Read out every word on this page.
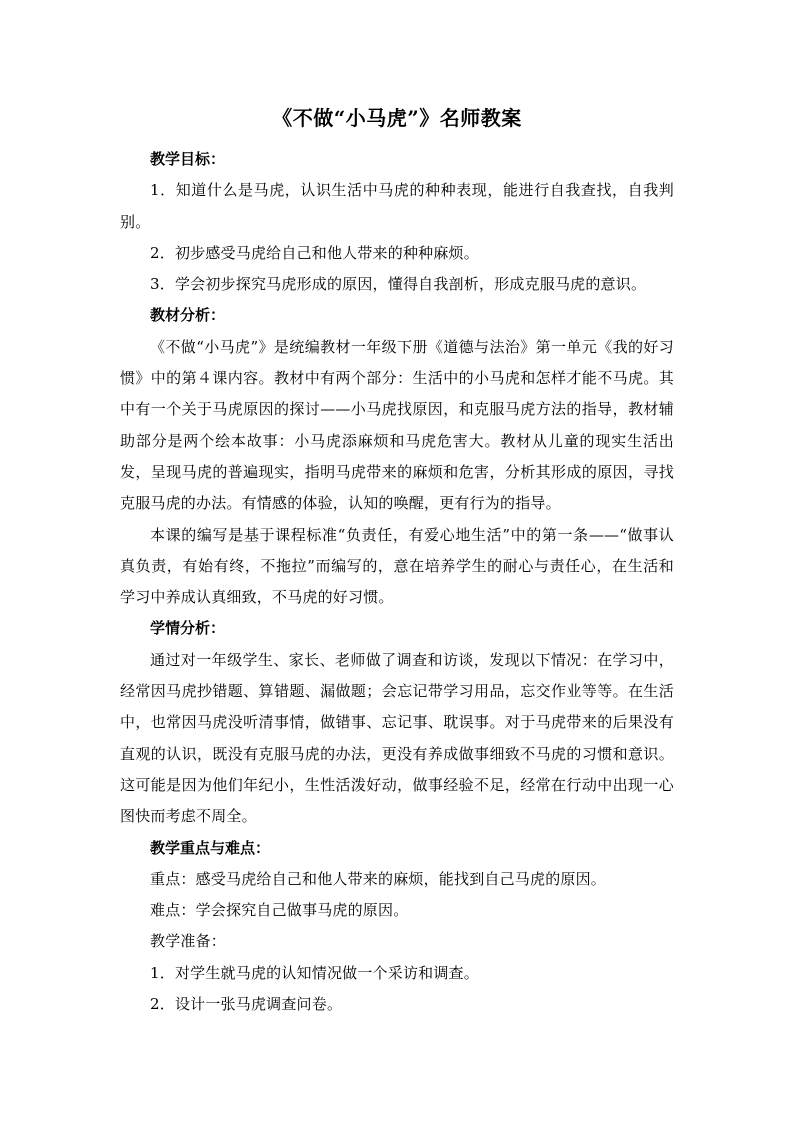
《不做“小马虎”》名师教案

教学目标：

1．知道什么是马虎，认识生活中马虎的种种表现，能进行自我查找，自我判别。

2．初步感受马虎给自己和他人带来的种种麻烦。

3．学会初步探究马虎形成的原因，懂得自我剖析，形成克服马虎的意识。

教材分析：

《不做“小马虎”》是统编教材一年级下册《道德与法治》第一单元《我的好习惯》中的第４课内容。教材中有两个部分：生活中的小马虎和怎样才能不马虎。其中有一个关于马虎原因的探讨——小马虎找原因，和克服马虎方法的指导，教材辅助部分是两个绘本故事：小马虎添麻烦和马虎危害大。教材从儿童的现实生活出发，呈现马虎的普遍现实，指明马虎带来的麻烦和危害，分析其形成的原因，寻找克服马虎的办法。有情感的体验，认知的唤醒，更有行为的指导。

本课的编写是基于课程标准“负责任，有爱心地生活”中的第一条——“做事认真负责，有始有终，不拖拉”而编写的，意在培养学生的耐心与责任心，在生活和学习中养成认真细致，不马虎的好习惯。

学情分析：

通过对一年级学生、家长、老师做了调查和访谈，发现以下情况：在学习中，经常因马虎抄错题、算错题、漏做题；会忘记带学习用品，忘交作业等等。在生活中，也常因马虎没听清事情，做错事、忘记事、耽误事。对于马虎带来的后果没有直观的认识，既没有克服马虎的办法，更没有养成做事细致不马虎的习惯和意识。这可能是因为他们年纪小，生性活泼好动，做事经验不足，经常在行动中出现一心图快而考虑不周全。

教学重点与难点：

重点：感受马虎给自己和他人带来的麻烦，能找到自己马虎的原因。

难点：学会探究自己做事马虎的原因。

教学准备：

1．对学生就马虎的认知情况做一个采访和调查。

2．设计一张马虎调查问卷。
